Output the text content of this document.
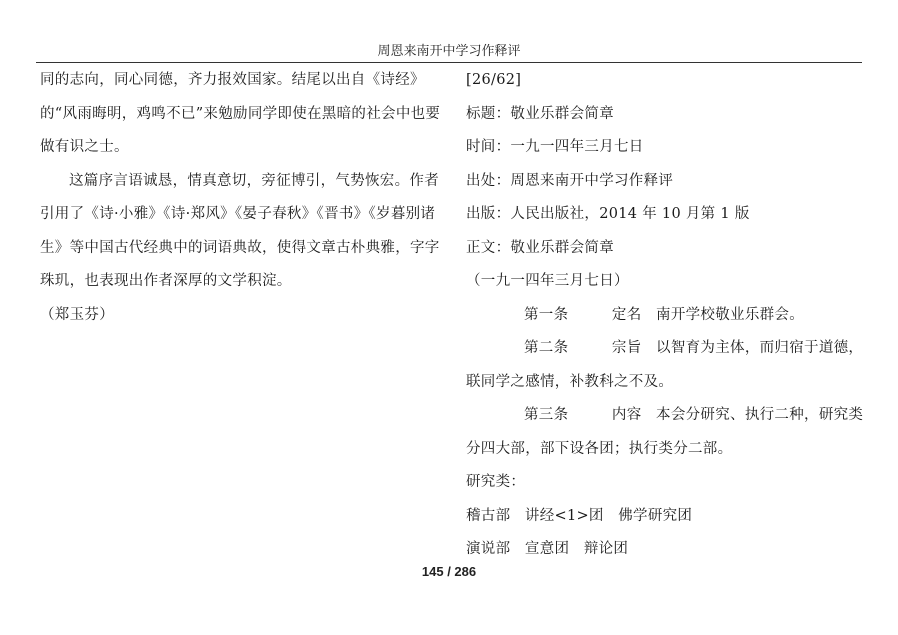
周恩来南开中学习作释评

同的志向，同心同德，齐力报效国家。结尾以出自《诗经》的“风雨晦明，鸡鸣不已”来勉励同学即使在黑暗的社会中也要做有识之士。

这篇序言语诚恳，情真意切，旁征博引，气势恢宏。作者引用了《诗·小雅》《诗·郑风》《晏子春秋》《晋书》《岁暮别诸生》等中国古代经典中的词语典故，使得文章古朴典雅，字字珠玑，也表现出作者深厚的文学积淀。

（郑玉芬）

[26/62]

标题：敬业乐群会简章

时间：一九一四年三月七日

出处：周恩来南开中学习作释评

出版：人民出版社，2014 年 10 月第 1 版

正文：敬业乐群会简章

（一九一四年三月七日）

第一条	定名 南开学校敬业乐群会。

第二条	宗旨 以智育为主体，而归宿于道德，联同学之感情，补教科之不及。

第三条	内容 本会分研究、执行二种，研究类分四大部，部下设各团；执行类分二部。

研究类：

稽古部 讲经<1>团 佛学研究团

演说部 宣意团 辩论团

145 / 286
